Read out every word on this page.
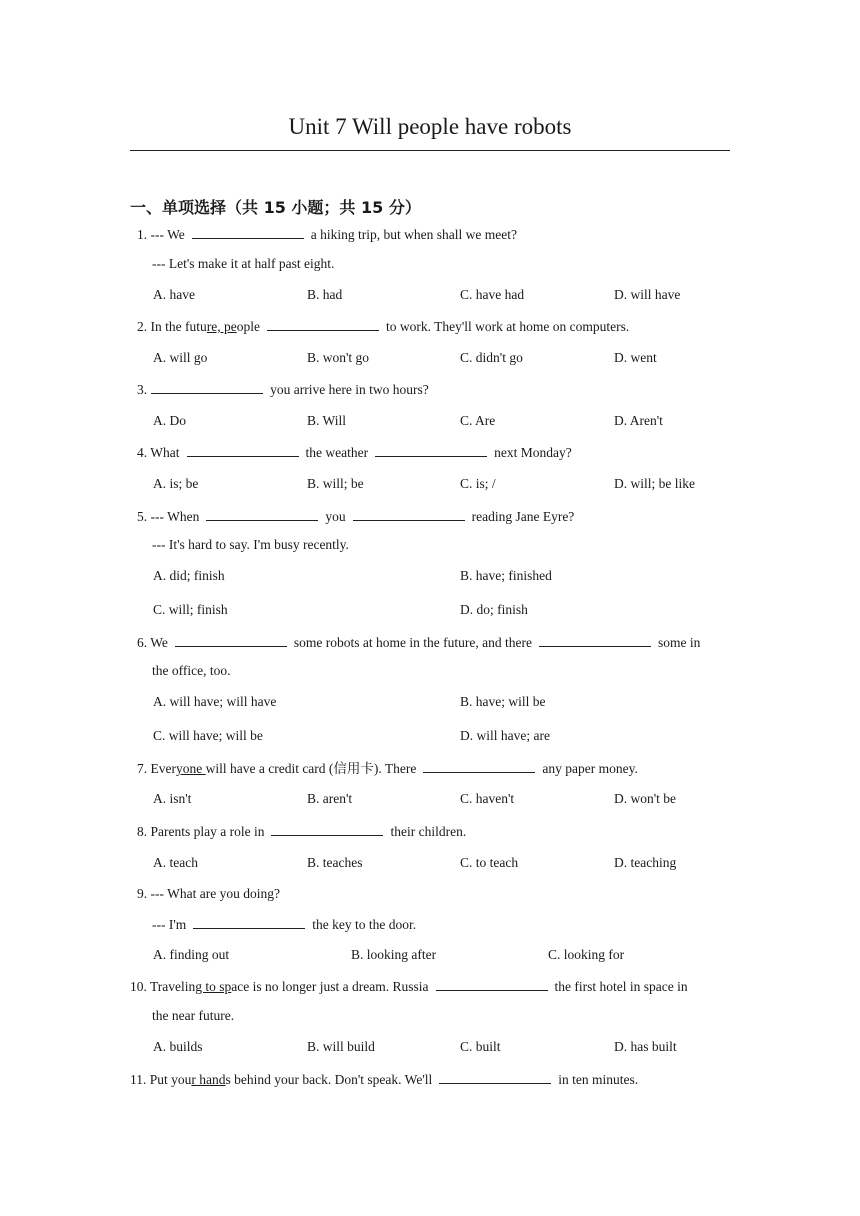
Unit 7 Will people have robots
一、单项选择（共 15 小题；共 15 分）
1. --- We	a hiking trip, but when shall we meet?
--- Let's make it at half past eight.
A. have	B. had	C. have had	D. will have
2. In the future, people	to work. They'll work at home on computers.
A. will go	B. won't go	C. didn't go	D. went
3.	you arrive here in two hours?
A. Do	B. Will	C. Are	D. Aren't
4. What	the weather	next Monday?
A. is; be	B. will; be	C. is; /	D. will; be like
5. --- When	you	reading Jane Eyre?
--- It's hard to say. I'm busy recently.
A. did; finish	B. have; finished
C. will; finish	D. do; finish
6. We	some robots at home in the future, and there	some in
the office, too.
A. will have; will have	B. have; will be
C. will have; will be	D. will have; are
7. Everyone will have a credit card (信用卡). There	any paper money.
A. isn't	B. aren't	C. haven't	D. won't be
8. Parents play a role in	their children.
A. teach	B. teaches	C. to teach	D. teaching
9. --- What are you doing?
--- I'm	the key to the door.
A. finding out	B. looking after	C. looking for
10. Traveling to space is no longer just a dream. Russia	the first hotel in space in
the near future.
A. builds	B. will build	C. built	D. has built
11. Put your hands behind your back. Don't speak. We'll	in ten minutes.
